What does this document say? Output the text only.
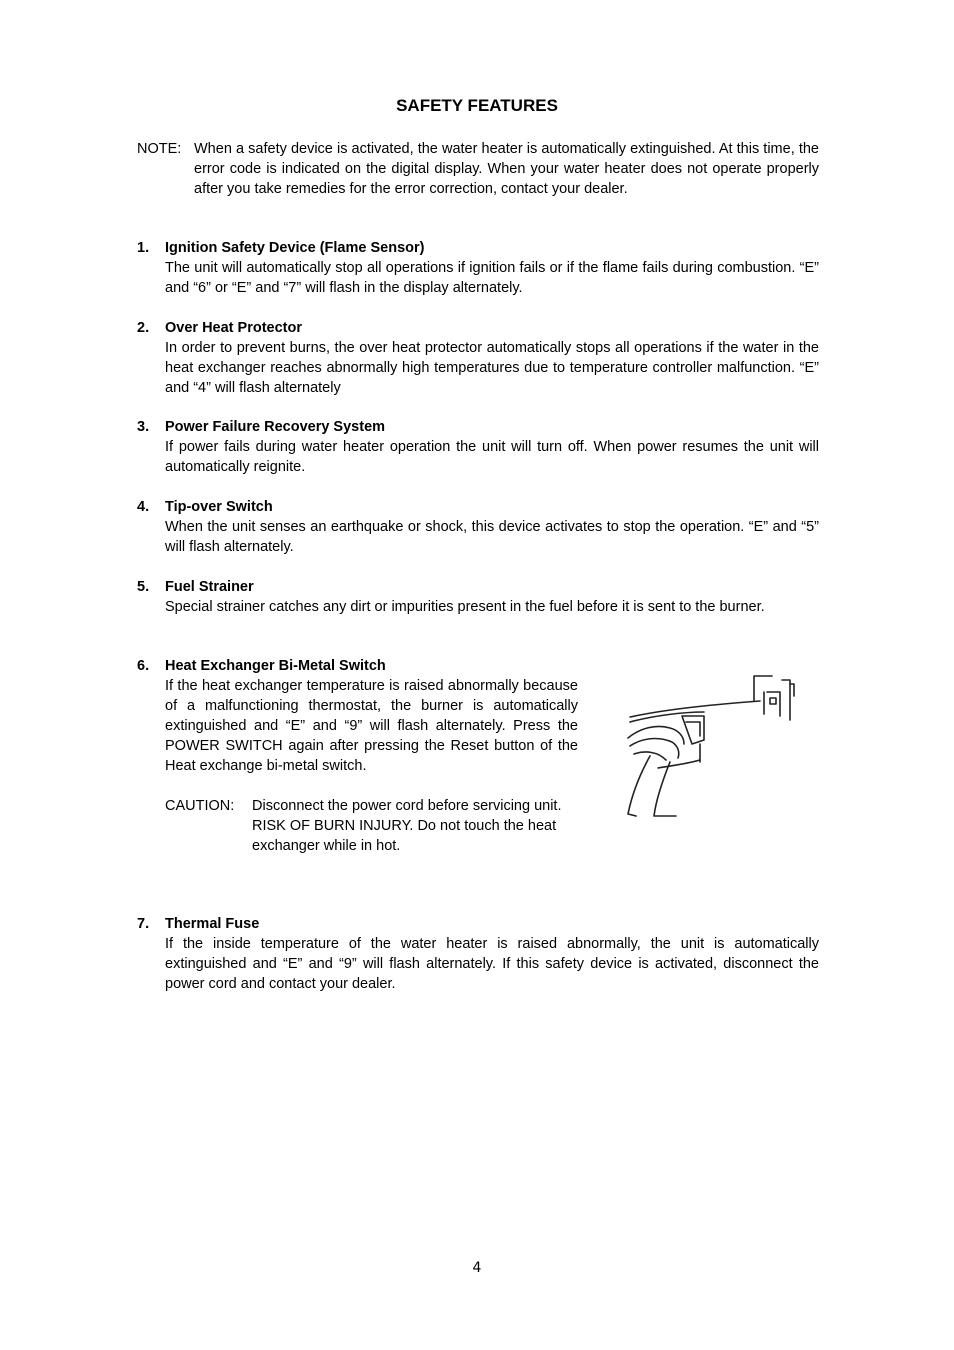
SAFETY FEATURES
NOTE: When a safety device is activated, the water heater is automatically extinguished. At this time, the error code is indicated on the digital display. When your water heater does not operate properly after you take remedies for the error correction, contact your dealer.
1. Ignition Safety Device (Flame Sensor)
The unit will automatically stop all operations if ignition fails or if the flame fails during combustion. “E” and “6” or “E” and “7” will flash in the display alternately.
2. Over Heat Protector
In order to prevent burns, the over heat protector automatically stops all operations if the water in the heat exchanger reaches abnormally high temperatures due to temperature controller malfunction. “E” and “4” will flash alternately
3. Power Failure Recovery System
If power fails during water heater operation the unit will turn off. When power resumes the unit will automatically reignite.
4. Tip-over Switch
When the unit senses an earthquake or shock, this device activates to stop the operation. “E” and “5” will flash alternately.
5. Fuel Strainer
Special strainer catches any dirt or impurities present in the fuel before it is sent to the burner.
6. Heat Exchanger Bi-Metal Switch
If the heat exchanger temperature is raised abnormally because of a malfunctioning thermostat, the burner is automatically extinguished and “E” and “9” will flash alternately. Press the POWER SWITCH again after pressing the Reset button of the Heat exchange bi-metal switch.
CAUTION: Disconnect the power cord before servicing unit.
RISK OF BURN INJURY. Do not touch the heat exchanger while in hot.
7. Thermal Fuse
If the inside temperature of the water heater is raised abnormally, the unit is automatically extinguished and “E” and “9” will flash alternately. If this safety device is activated, disconnect the power cord and contact your dealer.
4
